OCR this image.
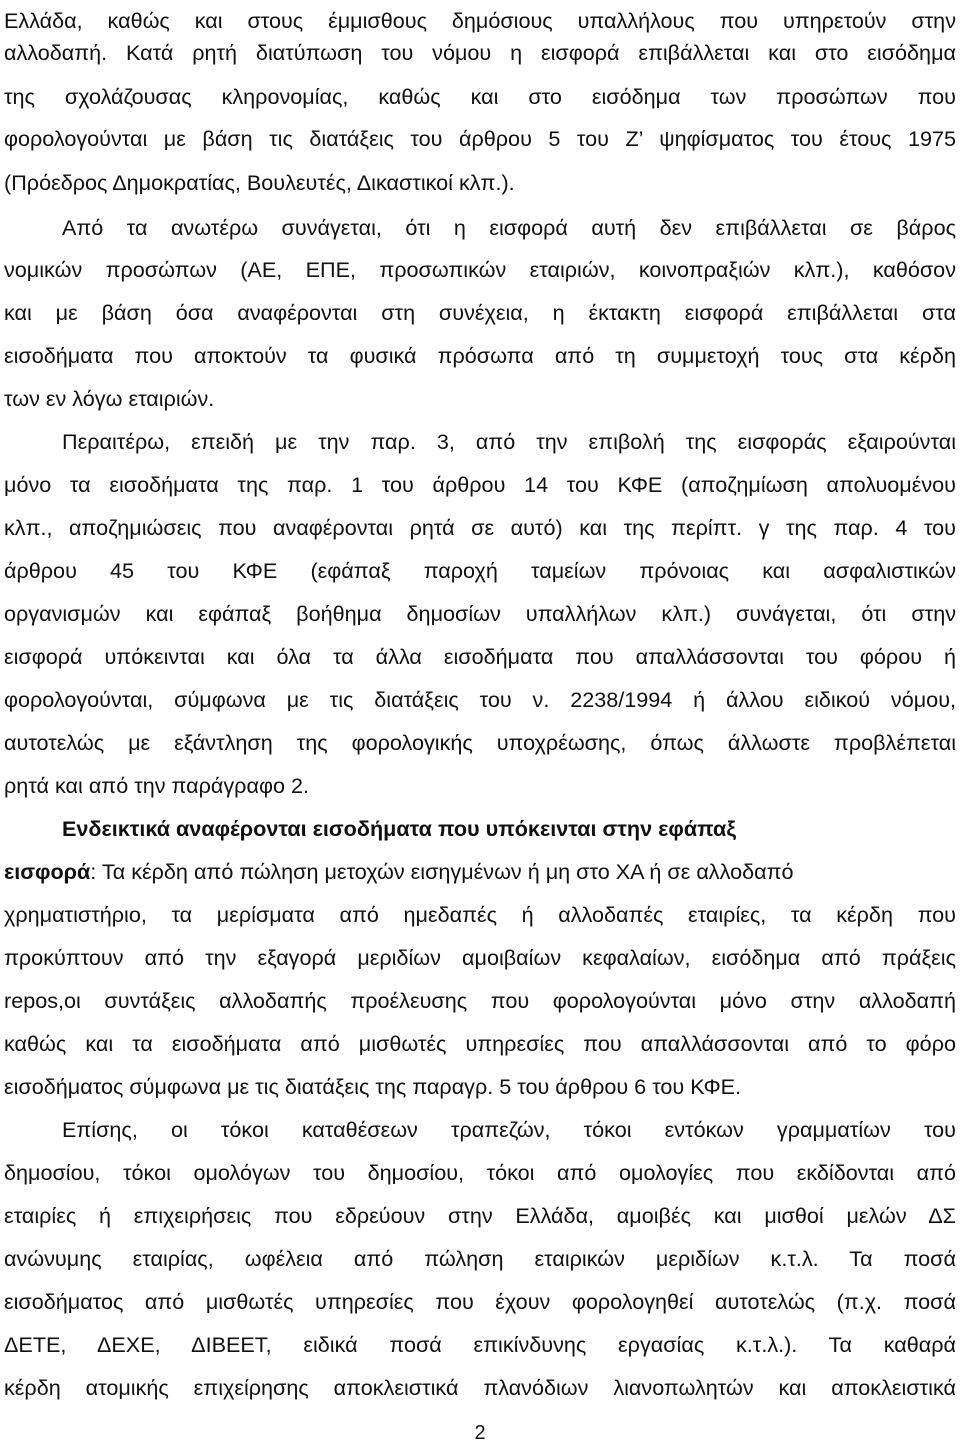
Ελλάδα, καθώς και στους έμμισθους δημόσιους υπαλλήλους που υπηρετούν στην
αλλοδαπή. Κατά ρητή διατύπωση του νόμου η εισφορά επιβάλλεται και στο εισόδημα
της σχολάζουσας κληρονομίας, καθώς και στο εισόδημα των προσώπων που
φορολογούνται με βάση τις διατάξεις του άρθρου 5 του Ζ’ ψηφίσματος του έτους 1975
(Πρόεδρος Δημοκρατίας, Βουλευτές, Δικαστικοί κλπ.).
Από τα ανωτέρω συνάγεται, ότι η εισφορά αυτή δεν επιβάλλεται σε βάρος
νομικών προσώπων (ΑΕ, ΕΠΕ, προσωπικών εταιριών, κοινοπραξιών κλπ.), καθόσον
και με βάση όσα αναφέρονται στη συνέχεια, η έκτακτη εισφορά επιβάλλεται στα
εισοδήματα που αποκτούν τα φυσικά πρόσωπα από τη συμμετοχή τους στα κέρδη
των εν λόγω εταιριών.
Περαιτέρω, επειδή με την παρ. 3, από την επιβολή της εισφοράς εξαιρούνται
μόνο τα εισοδήματα της παρ. 1 του άρθρου 14 του ΚΦΕ (αποζημίωση απολυομένου
κλπ., αποζημιώσεις που αναφέρονται ρητά σε αυτό) και της περίπτ. γ της παρ. 4 του
άρθρου 45 του ΚΦΕ (εφάπαξ παροχή ταμείων πρόνοιας και ασφαλιστικών
οργανισμών και εφάπαξ βοήθημα δημοσίων υπαλλήλων κλπ.) συνάγεται, ότι στην
εισφορά υπόκεινται και όλα τα άλλα εισοδήματα που απαλλάσσονται του φόρου ή
φορολογούνται, σύμφωνα με τις διατάξεις του ν. 2238/1994 ή άλλου ειδικού νόμου,
αυτοτελώς με εξάντληση της φορολογικής υποχρέωσης, όπως άλλωστε προβλέπεται
ρητά και από την παράγραφο 2.
Ενδεικτικά αναφέρονται εισοδήματα που υπόκεινται στην εφάπαξ
εισφορά: Τα κέρδη από πώληση μετοχών εισηγμένων ή μη στο ΧΑ ή σε αλλοδαπό
χρηματιστήριο, τα μερίσματα από ημεδαπές ή αλλοδαπές εταιρίες, τα κέρδη που
προκύπτουν από την εξαγορά μεριδίων αμοιβαίων κεφαλαίων, εισόδημα από πράξεις
repos,οι συντάξεις αλλοδαπής προέλευσης που φορολογούνται μόνο στην αλλοδαπή
καθώς και τα εισοδήματα από μισθωτές υπηρεσίες που απαλλάσσονται από το φόρο
εισοδήματος σύμφωνα με τις διατάξεις της παραγρ. 5 του άρθρου 6 του ΚΦΕ.
Επίσης, οι τόκοι καταθέσεων τραπεζών, τόκοι εντόκων γραμματίων του
δημοσίου, τόκοι ομολόγων του δημοσίου, τόκοι από ομολογίες που εκδίδονται από
εταιρίες ή επιχειρήσεις που εδρεύουν στην Ελλάδα, αμοιβές και μισθοί μελών ΔΣ
ανώνυμης εταιρίας, ωφέλεια από πώληση εταιρικών μεριδίων κ.τ.λ. Τα ποσά
εισοδήματος από μισθωτές υπηρεσίες που έχουν φορολογηθεί αυτοτελώς (π.χ. ποσά
ΔΕΤΕ, ΔΕΧΕ, ΔΙΒΕΕΤ, ειδικά ποσά επικίνδυνης εργασίας κ.τ.λ.). Τα καθαρά
κέρδη ατομικής επιχείρησης αποκλειστικά πλανόδιων λιανοπωλητών και αποκλειστικά
2
